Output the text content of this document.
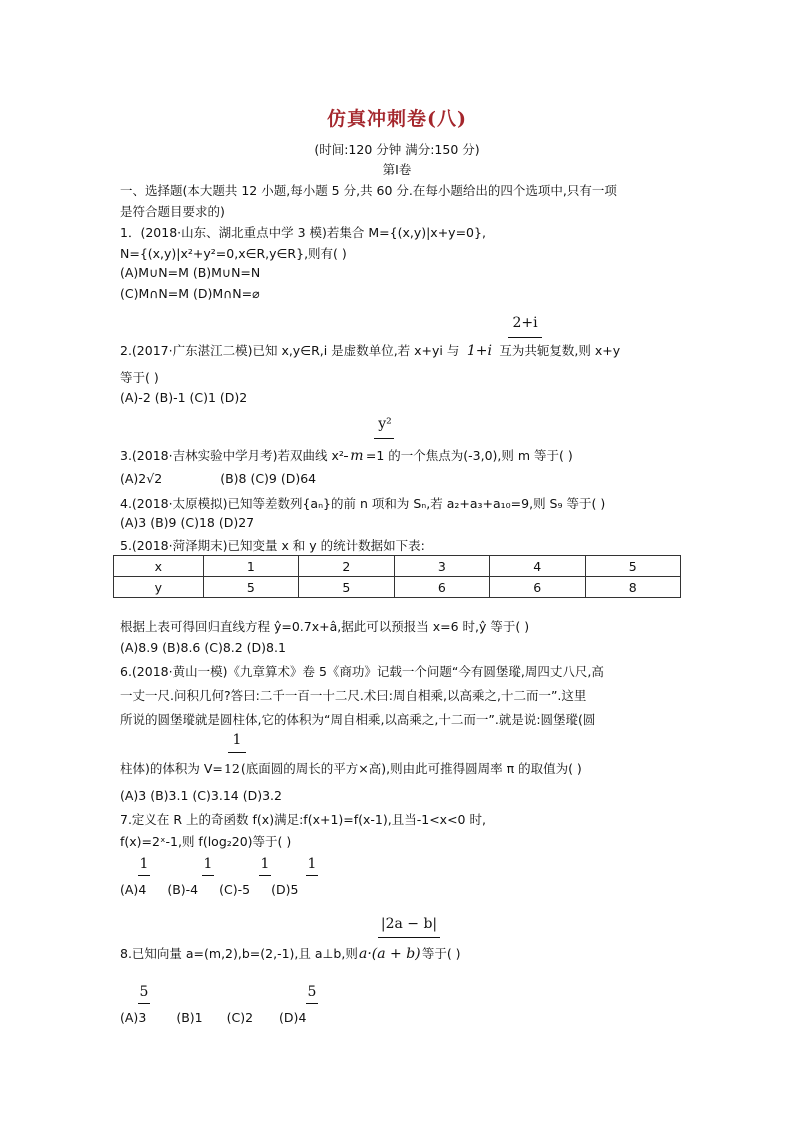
仿真冲刺卷(八)
(时间:120 分钟 满分:150 分)
第Ⅰ卷
一、选择题(本大题共 12 小题,每小题 5 分,共 60 分.在每小题给出的四个选项中,只有一项
是符合题目要求的)
1．(2018·山东、湖北重点中学 3 模)若集合 M={(x,y)|x+y=0},
N={(x,y)|x²+y²=0,x∈R,y∈R},则有( )
(A)M∪N=M (B)M∪N=N
(C)M∩N=M (D)M∩N=⌀
2+i
2.(2017·广东湛江二模)已知 x,y∈R,i 是虚数单位,若 x+yi 与 1+i 互为共轭复数,则 x+y
等于( )
(A)-2 (B)-1 (C)1 (D)2
y²
3.(2018·吉林实验中学月考)若双曲线 x² m =1 的一个焦点为(-3,0),则 m 等于( )
(A)2√2	(B)8 (C)9 (D)64
4.(2018·太原模拟)已知等差数列{aₙ}的前 n 项和为 Sₙ,若 a₂+a₃+a₁₀=9,则 S₉ 等于( )
(A)3 (B)9 (C)18 (D)27
5.(2018·菏泽期末)已知变量 x 和 y 的统计数据如下表:
x	1	2	3	4	5
y	5	5	6	6	8
根据上表可得回归直线方程 ŷ=0.7x+â,据此可以预报当 x=6 时,ŷ 等于( )
(A)8.9 (B)8.6 (C)8.2 (D)8.1
6.(2018·黄山一模)《九章算术》卷 5《商功》记载一个问题“今有圆堡瑽,周四丈八尺,高
一丈一尺.问积几何?答曰:二千一百一十二尺.术曰:周自相乘,以高乘之,十二而一”.这里
所说的圆堡瑽就是圆柱体,它的体积为“周自相乘,以高乘之,十二而一”.就是说:圆堡瑽(圆
1
柱体)的体积为 V=12(底面圆的周长的平方×高),则由此可推得圆周率 π 的取值为( )
(A)3 (B)3.1 (C)3.14 (D)3.2
7.定义在 R 上的奇函数 f(x)满足:f(x+1)=f(x-1),且当-1<x<0 时,
f(x)=2ˣ-1,则 f(log₂20)等于( )
1
(A)4 (B)-4 (C)-5 (D)5
1	1	1
|2a − b|
8.已知向量 a=(m,2),b=(2,-1),且 a⊥b,则a·(a + b)等于( )
5	5
(A)3 (B)1 (C)2 (D)4
